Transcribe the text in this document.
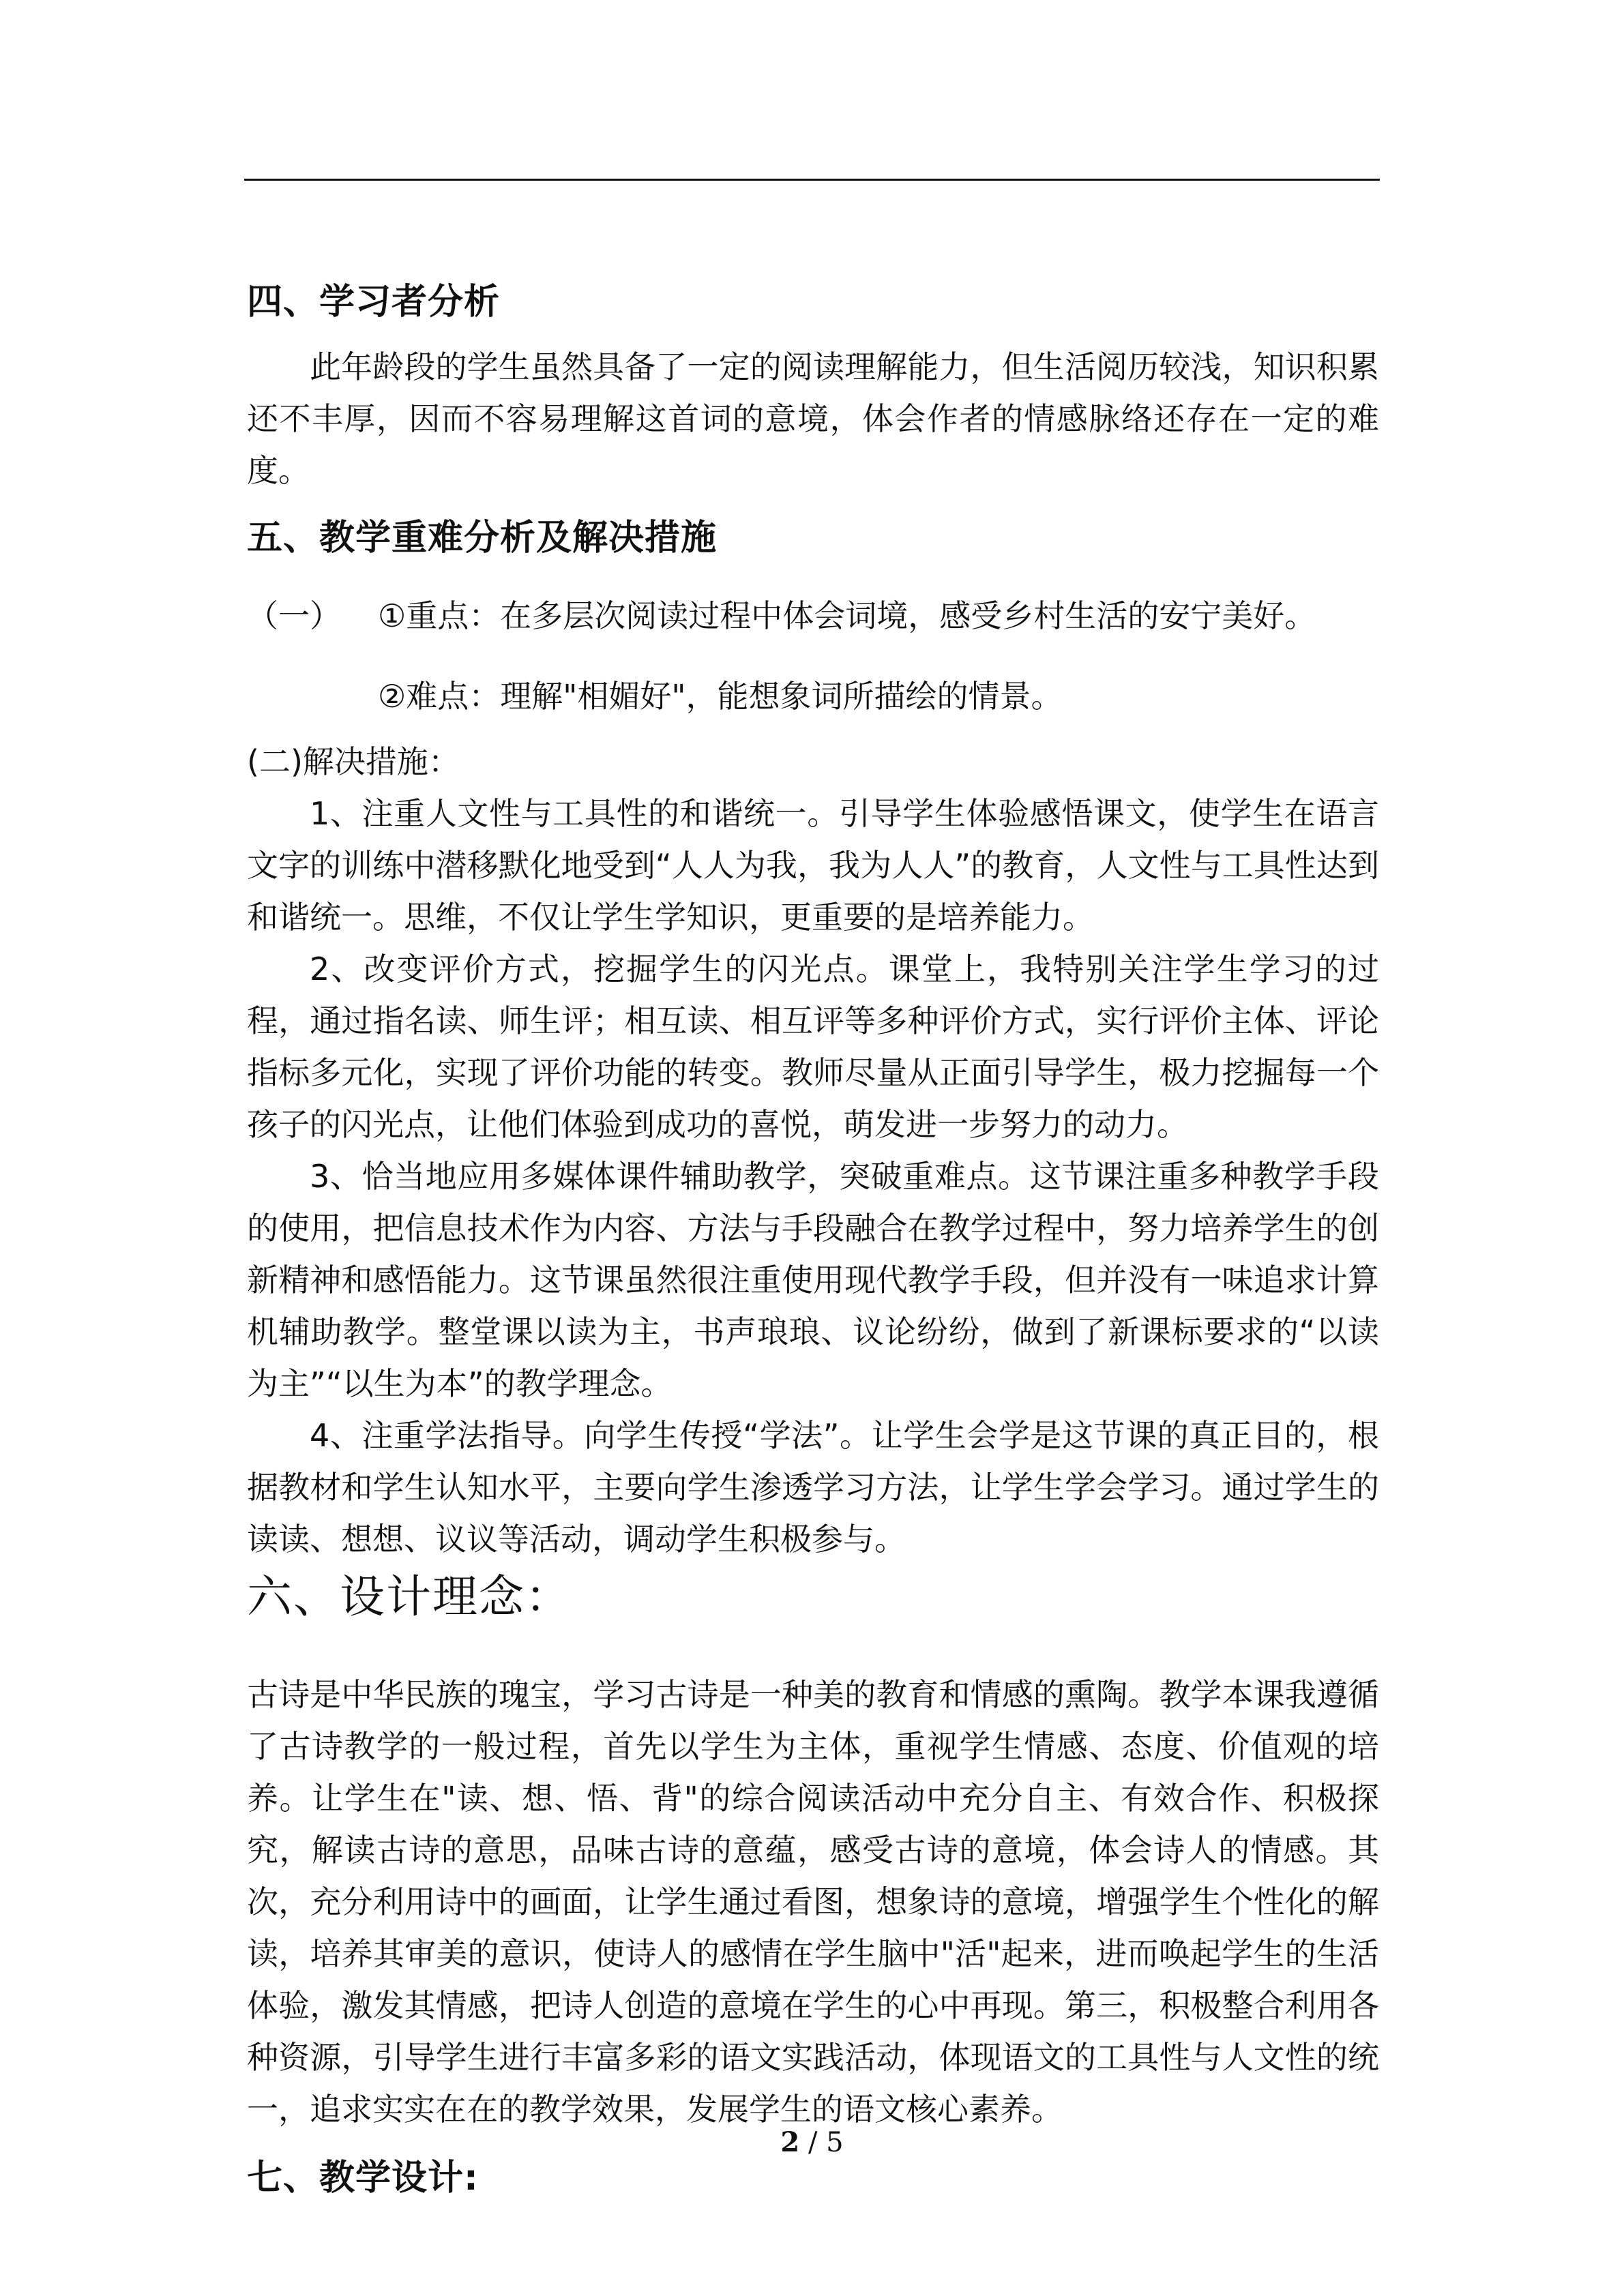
四、学习者分析

此年龄段的学生虽然具备了一定的阅读理解能力，但生活阅历较浅，知识积累还不丰厚，因而不容易理解这首词的意境，体会作者的情感脉络还存在一定的难度。

五、教学重难分析及解决措施
（一）	①重点：在多层次阅读过程中体会词境，感受乡村生活的安宁美好。
②难点：理解"相媚好"，能想象词所描绘的情景。

(二)解决措施：

1、注重人文性与工具性的和谐统一。引导学生体验感悟课文，使学生在语言文字的训练中潜移默化地受到“人人为我，我为人人”的教育，人文性与工具性达到和谐统一。思维，不仅让学生学知识，更重要的是培养能力。

2、改变评价方式，挖掘学生的闪光点。课堂上，我特别关注学生学习的过程，通过指名读、师生评；相互读、相互评等多种评价方式，实行评价主体、评论指标多元化，实现了评价功能的转变。教师尽量从正面引导学生，极力挖掘每一个孩子的闪光点，让他们体验到成功的喜悦，萌发进一步努力的动力。

3、恰当地应用多媒体课件辅助教学，突破重难点。这节课注重多种教学手段的使用，把信息技术作为内容、方法与手段融合在教学过程中，努力培养学生的创新精神和感悟能力。这节课虽然很注重使用现代教学手段，但并没有一味追求计算机辅助教学。整堂课以读为主，书声琅琅、议论纷纷，做到了新课标要求的“以读为主”“以生为本”的教学理念。

4、注重学法指导。向学生传授“学法”。让学生会学是这节课的真正目的，根据教材和学生认知水平，主要向学生渗透学习方法，让学生学会学习。通过学生的读读、想想、议议等活动，调动学生积极参与。

六、设计理念：

古诗是中华民族的瑰宝，学习古诗是一种美的教育和情感的熏陶。教学本课我遵循了古诗教学的一般过程，首先以学生为主体，重视学生情感、态度、价值观的培养。让学生在"读、想、悟、背"的综合阅读活动中充分自主、有效合作、积极探究，解读古诗的意思，品味古诗的意蕴，感受古诗的意境，体会诗人的情感。其次，充分利用诗中的画面，让学生通过看图，想象诗的意境，增强学生个性化的解读，培养其审美的意识，使诗人的感情在学生脑中"活"起来，进而唤起学生的生活体验，激发其情感，把诗人创造的意境在学生的心中再现。第三，积极整合利用各种资源，引导学生进行丰富多彩的语文实践活动，体现语文的工具性与人文性的统一，追求实实在在的教学效果，发展学生的语文核心素养。

七、教学设计:
2 / 5
